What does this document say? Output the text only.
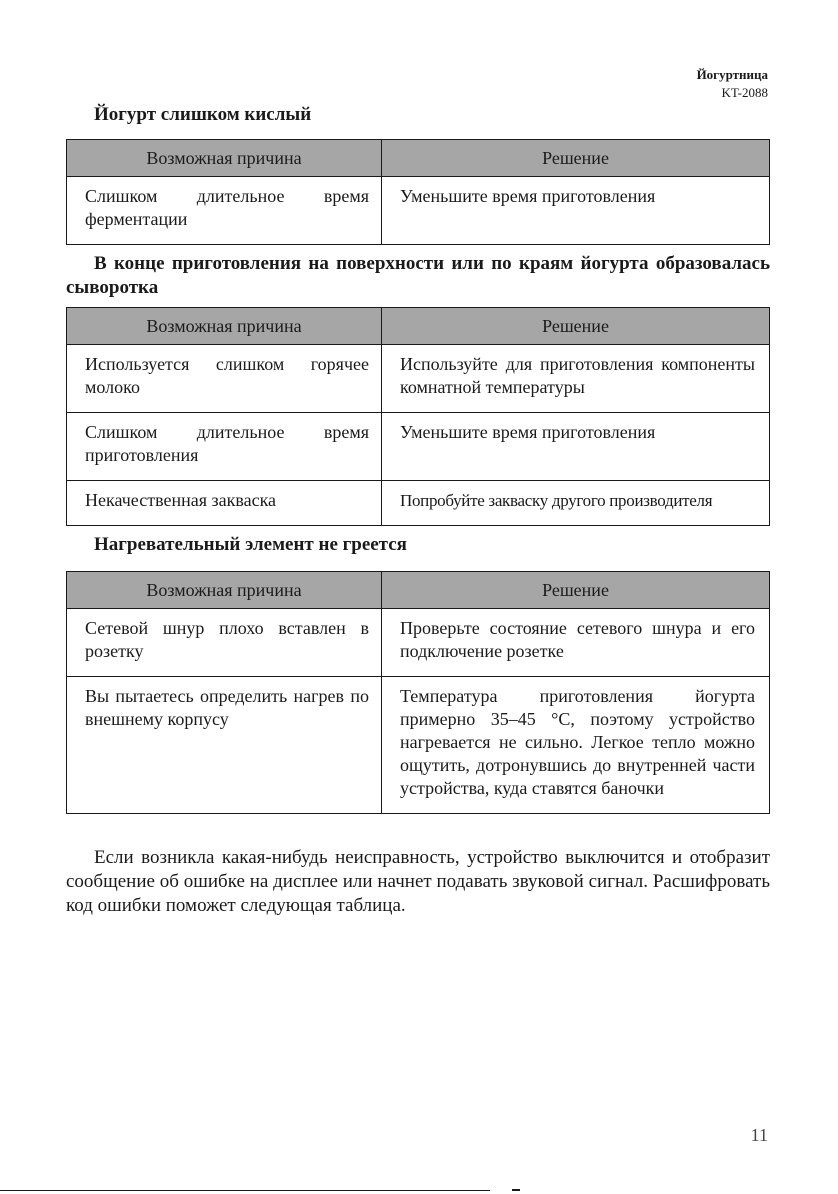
Йогуртница
KT-2088
Йогурт слишком кислый
Возможная причина	Решение
Слишком длительное время ферментации	Уменьшите время приготовления
В конце приготовления на поверхности или по краям йогурта образовалась сыворотка
Возможная причина	Решение
Используется слишком горячее молоко	Используйте для приготовления компоненты комнатной температуры
Слишком длительное время приготовления	Уменьшите время приготовления
Некачественная закваска	Попробуйте закваску другого производителя
Нагревательный элемент не греется
Возможная причина	Решение
Сетевой шнур плохо вставлен в розетку	Проверьте состояние сетевого шнура и его подключение розетке
Вы пытаетесь определить нагрев по внешнему корпусу	Температура приготовления йогурта примерно 35–45 °C, поэтому устройство нагревается не сильно. Легкое тепло можно ощутить, дотронувшись до внутренней части устройства, куда ставятся баночки

Если возникла какая-нибудь неисправность, устройство выключится и отобразит сообщение об ошибке на дисплее или начнет подавать звуковой сигнал. Расшифровать код ошибки поможет следующая таблица.

11
